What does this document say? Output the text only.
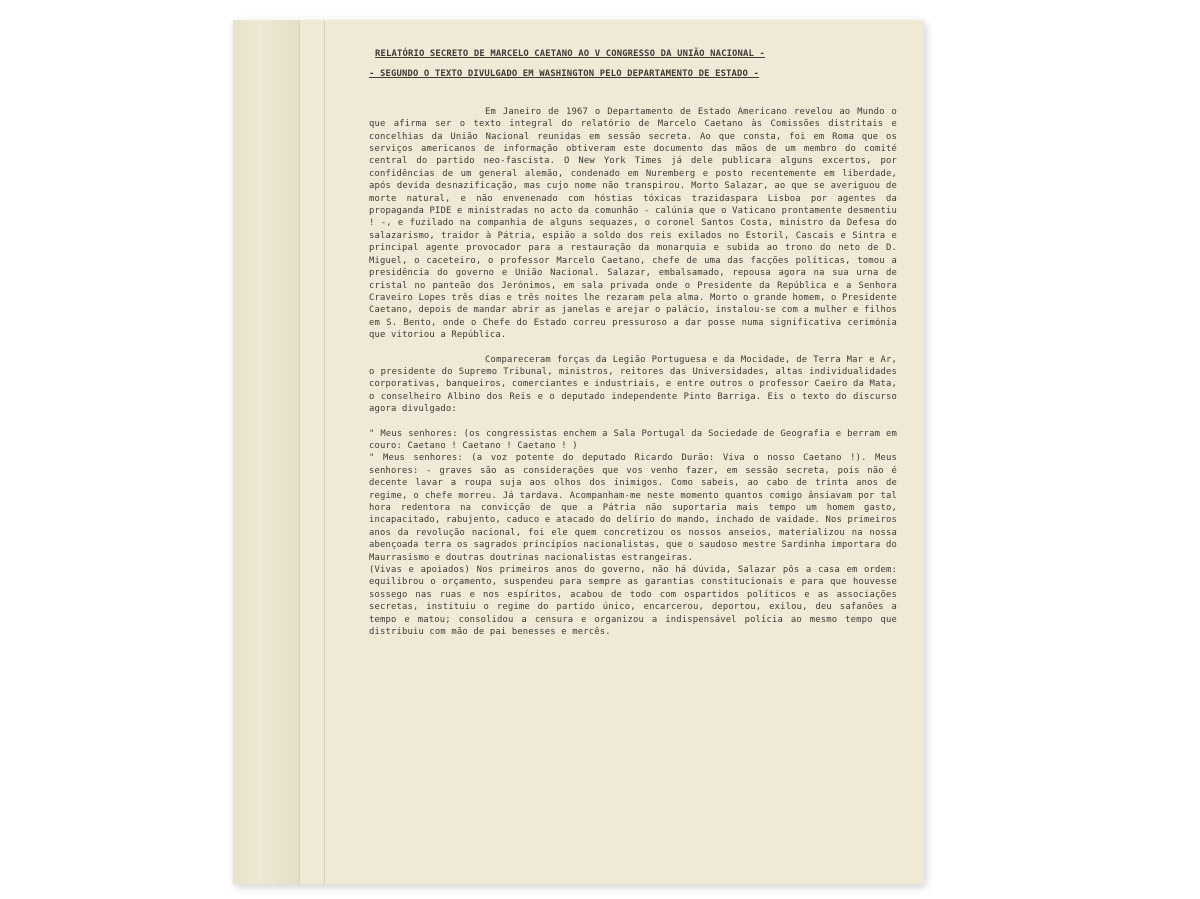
RELATÓRIO SECRETO DE MARCELO CAETANO AO V CONGRESSO DA UNIÃO NACIONAL -

- SEGUNDO O TEXTO DIVULGADO EM WASHINGTON PELO DEPARTAMENTO DE ESTADO -

Em Janeiro de 1967 o Departamento de Estado Americano revelou ao Mundo o que afirma ser o texto integral do relatório de Marcelo Caetano às Comissões distritais e concelhias da União Nacional reunidas em sessão secreta. Ao que consta, foi em Roma que os serviços americanos de informação obtiveram este documento das mãos de um membro do comité central do partido neo-fascista. O New York Times já dele publicara alguns excertos, por confidências de um general alemão, condenado em Nuremberg e posto recentemente em liberdade, após devida desnazificação, mas cujo nome não transpirou. Morto Salazar, ao que se averiguou de morte natural, e não envenenado com hóstias tóxicas trazidaspara Lisboa por agentes da propaganda PIDE e ministradas no acto da comunhão - calúnia que o Vaticano prontamente desmentiu ! -, e fuzilado na companhia de alguns sequazes, o coronel Santos Costa, ministro da Defesa do salazarismo, traidor à Pátria, espião a soldo dos reis exilados no Estoril, Cascais e Sintra e principal agente provocador para a restauração da monarquia e subida ao trono do neto de D. Miguel, o caceteiro, o professor Marcelo Caetano, chefe de uma das facções políticas, tomou a presidência do governo e União Nacional. Salazar, embalsamado, repousa agora na sua urna de cristal no panteão dos Jerónimos, em sala privada onde o Presidente da República e a Senhora Craveiro Lopes três dias e três noites lhe rezaram pela alma. Morto o grande homem, o Presidente Caetano, depois de mandar abrir as janelas e arejar o palácio, instalou-se com a mulher e filhos em S. Bento, onde o Chefe do Estado correu pressuroso a dar posse numa significativa cerimónia que vitoriou a República.

Compareceram forças da Legião Portuguesa e da Mocidade, de Terra Mar e Ar, o presidente do Supremo Tribunal, ministros, reitores das Universidades, altas individualidades corporativas, banqueiros, comerciantes e industriais, e entre outros o professor Caeiro da Mata, o conselheiro Albino dos Reis e o deputado independente Pinto Barriga. Eis o texto do discurso agora divulgado:

" Meus senhores: (os congressistas enchem a Sala Portugal da Sociedade de Geografia e berram em couro: Caetano ! Caetano ! Caetano ! )

" Meus senhores: (a voz potente do deputado Ricardo Durão: Viva o nosso Caetano !). Meus senhores: - graves são as considerações que vos venho fazer, em sessão secreta, pois não é decente lavar a roupa suja aos olhos dos inimigos. Como sabeis, ao cabo de trinta anos de regime, o chefe morreu. Já tardava. Acompanham-me neste momento quantos comigo ânsiavam por tal hora redentora na convicção de que a Pátria não suportaria mais tempo um homem gasto, incapacitado, rabujento, caduco e atacado do delírio do mando, inchado de vaidade. Nos primeiros anos da revolução nacional, foi ele quem concretizou os nossos anseios, materializou na nossa abençoada terra os sagrados princípios nacionalistas, que o saudoso mestre Sardinha importara do Maurrasismo e doutras doutrinas nacionalistas estrangeiras.

(Vivas e apoiados) Nos primeiros anos do governo, não há dúvida, Salazar pôs a casa em ordem: equilibrou o orçamento, suspendeu para sempre as garantias constitucionais e para que houvesse sossego nas ruas e nos espíritos, acabou de todo com ospartidos políticos e as associações secretas, instituiu o regime do partido único, encarcerou, deportou, exilou, deu safanões a tempo e matou; consolidou a censura e organizou a indispensável polícia ao mesmo tempo que distribuiu com mão de pai benesses e mercês.
